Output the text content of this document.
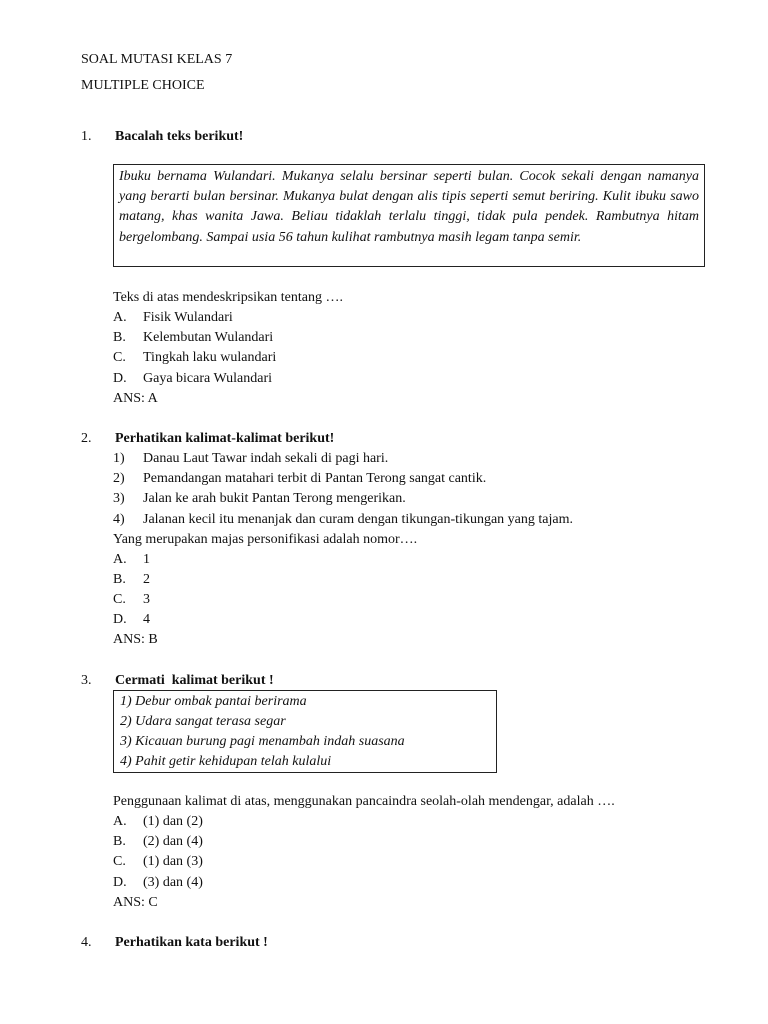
SOAL MUTASI KELAS 7
MULTIPLE CHOICE
1. Bacalah teks berikut!
Ibuku bernama Wulandari. Mukanya selalu bersinar seperti bulan. Cocok sekali dengan namanya yang berarti bulan bersinar. Mukanya bulat dengan alis tipis seperti semut beriring. Kulit ibuku sawo matang, khas wanita Jawa. Beliau tidaklah terlalu tinggi, tidak pula pendek. Rambutnya hitam bergelombang. Sampai usia 56 tahun kulihat rambutnya masih legam tanpa semir.
Teks di atas mendeskripsikan tentang ….
A. Fisik Wulandari
B. Kelembutan Wulandari
C. Tingkah laku wulandari
D. Gaya bicara Wulandari
ANS: A
2. Perhatikan kalimat-kalimat berikut!
1) Danau Laut Tawar indah sekali di pagi hari.
2) Pemandangan matahari terbit di Pantan Terong sangat cantik.
3) Jalan ke arah bukit Pantan Terong mengerikan.
4) Jalanan kecil itu menanjak dan curam dengan tikungan-tikungan yang tajam.
Yang merupakan majas personifikasi adalah nomor….
A. 1
B. 2
C. 3
D. 4
ANS: B
3. Cermati  kalimat berikut !
1) Debur ombak pantai berirama
2) Udara sangat terasa segar
3) Kicauan burung pagi menambah indah suasana
4) Pahit getir kehidupan telah kulalui
Penggunaan kalimat di atas, menggunakan pancaindra seolah-olah mendengar, adalah ….
A. (1) dan (2)
B. (2) dan (4)
C. (1) dan (3)
D. (3) dan (4)
ANS: C
4. Perhatikan kata berikut !
